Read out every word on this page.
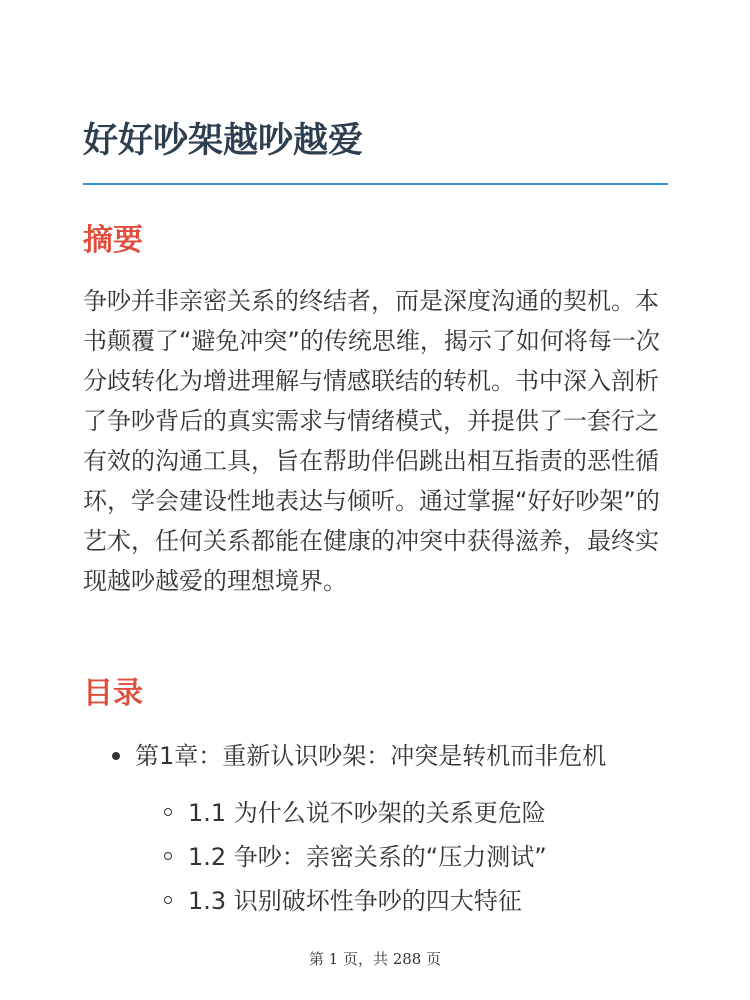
好好吵架越吵越爱
摘要

争吵并非亲密关系的终结者，而是深度沟通的契机。本书颠覆了“避免冲突”的传统思维，揭示了如何将每一次分歧转化为增进理解与情感联结的转机。书中深入剖析了争吵背后的真实需求与情绪模式，并提供了一套行之有效的沟通工具，旨在帮助伴侣跳出相互指责的恶性循环，学会建设性地表达与倾听。通过掌握“好好吵架”的艺术，任何关系都能在健康的冲突中获得滋养，最终实现越吵越爱的理想境界。

目录
第1章：重新认识吵架：冲突是转机而非危机
1.1 为什么说不吵架的关系更危险
1.2 争吵：亲密关系的“压力测试”
1.3 识别破坏性争吵的四大特征
第 1 页，共 288 页
